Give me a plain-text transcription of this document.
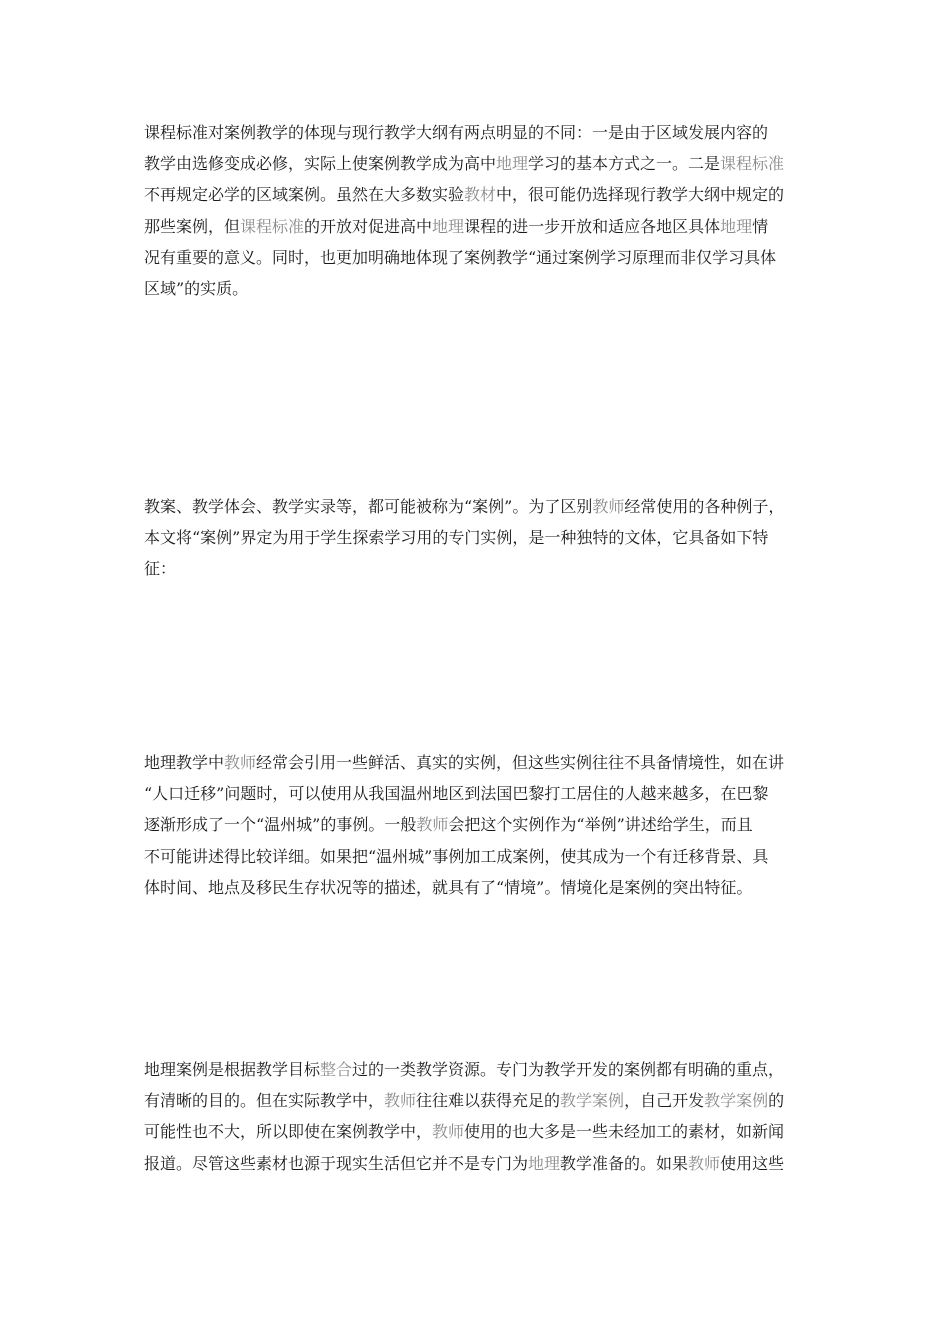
课程标准对案例教学的体现与现行教学大纲有两点明显的不同：一是由于区域发展内容的
教学由选修变成必修，实际上使案例教学成为高中地理学习的基本方式之一。二是课程标准
不再规定必学的区域案例。虽然在大多数实验教材中，很可能仍选择现行教学大纲中规定的
那些案例，但课程标准的开放对促进高中地理课程的进一步开放和适应各地区具体地理情
况有重要的意义。同时，也更加明确地体现了案例教学“通过案例学习原理而非仅学习具体
区域”的实质。
教案、教学体会、教学实录等，都可能被称为“案例”。为了区别教师经常使用的各种例子，
本文将“案例”界定为用于学生探索学习用的专门实例，是一种独特的文体，它具备如下特
征：
地理教学中教师经常会引用一些鲜活、真实的实例，但这些实例往往不具备情境性，如在讲
“人口迁移”问题时，可以使用从我国温州地区到法国巴黎打工居住的人越来越多，在巴黎
逐渐形成了一个“温州城”的事例。一般教师会把这个实例作为“举例”讲述给学生，而且
不可能讲述得比较详细。如果把“温州城”事例加工成案例，使其成为一个有迁移背景、具
体时间、地点及移民生存状况等的描述，就具有了“情境”。情境化是案例的突出特征。
地理案例是根据教学目标整合过的一类教学资源。专门为教学开发的案例都有明确的重点，
有清晰的目的。但在实际教学中，教师往往难以获得充足的教学案例，自己开发教学案例的
可能性也不大，所以即使在案例教学中，教师使用的也大多是一些未经加工的素材，如新闻
报道。尽管这些素材也源于现实生活但它并不是专门为地理教学准备的。如果教师使用这些
